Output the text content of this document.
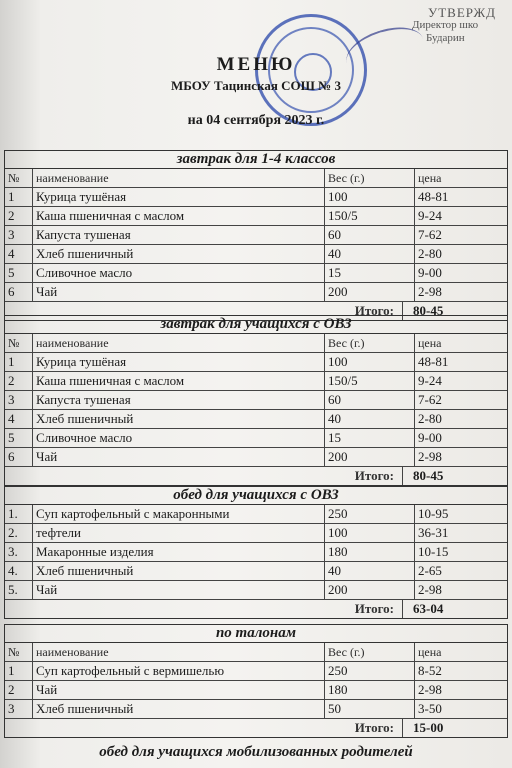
УТВЕРЖД
Директор шко
Бударин
МЕНЮ
МБОУ Тацинская СОШ № 3
на 04 сентября 2023 г.
завтрак для 1-4 классов
№	наименование	Вес (г.)	цена
1	Курица тушёная	100	48-81
2	Каша пшеничная с маслом	150/5	9-24
3	Капуста тушеная	60	7-62
4	Хлеб пшеничный	40	2-80
5	Сливочное масло	15	9-00
6	Чай	200	2-98
Итого:	80-45
завтрак для учащихся с ОВЗ
№	наименование	Вес (г.)	цена
1	Курица тушёная	100	48-81
2	Каша пшеничная с маслом	150/5	9-24
3	Капуста тушеная	60	7-62
4	Хлеб пшеничный	40	2-80
5	Сливочное масло	15	9-00
6	Чай	200	2-98
Итого:	80-45
обед для учащихся с ОВЗ
1.	Суп картофельный с макаронными	250	10-95
2.	тефтели	100	36-31
3.	Макаронные изделия	180	10-15
4.	Хлеб пшеничный	40	2-65
5.	Чай	200	2-98
Итого:	63-04
по талонам
№	наименование	Вес (г.)	цена
1	Суп картофельный с вермишелью	250	8-52
2	Чай	180	2-98
3	Хлеб пшеничный	50	3-50
Итого:	15-00
обед для учащихся мобилизованных родителей
